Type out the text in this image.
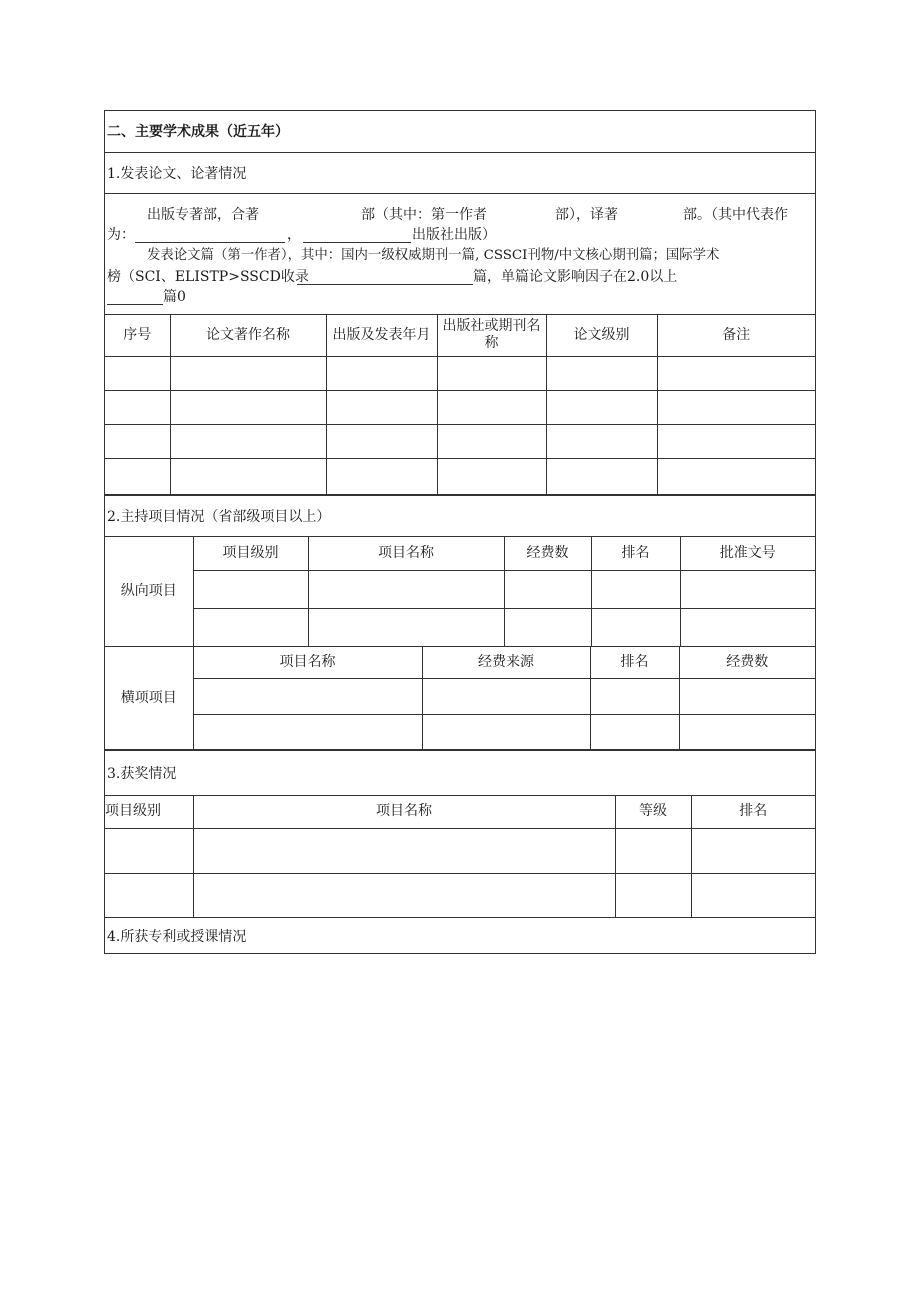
二、主要学术成果（近五年）
1.发表论文、论著情况
出版专著部，合著	部（其中：第一作者	部），译著	部。（其中代表作
为：	，	出版社出版）
发表论文篇（第一作者），其中：国内一级权威期刊一篇, CSSCI刊物/中文核心期刊篇；国际学术
榜（SCI、ELISTP>SSCD收录	篇，单篇论文影响因子在2.0以上
篇0
序号	论文著作名称	出版及发表年月	出版社或期刊名称	论文级别	备注

2.主持项目情况（省部级项目以上）
纵向项目	项目级别	项目名称	经费数	排名	批准文号

横项项目	项目名称	经费来源	排名	经费数

3.获奖情况
项目级别	项目名称	等级	排名

4.所获专利或授课情况
